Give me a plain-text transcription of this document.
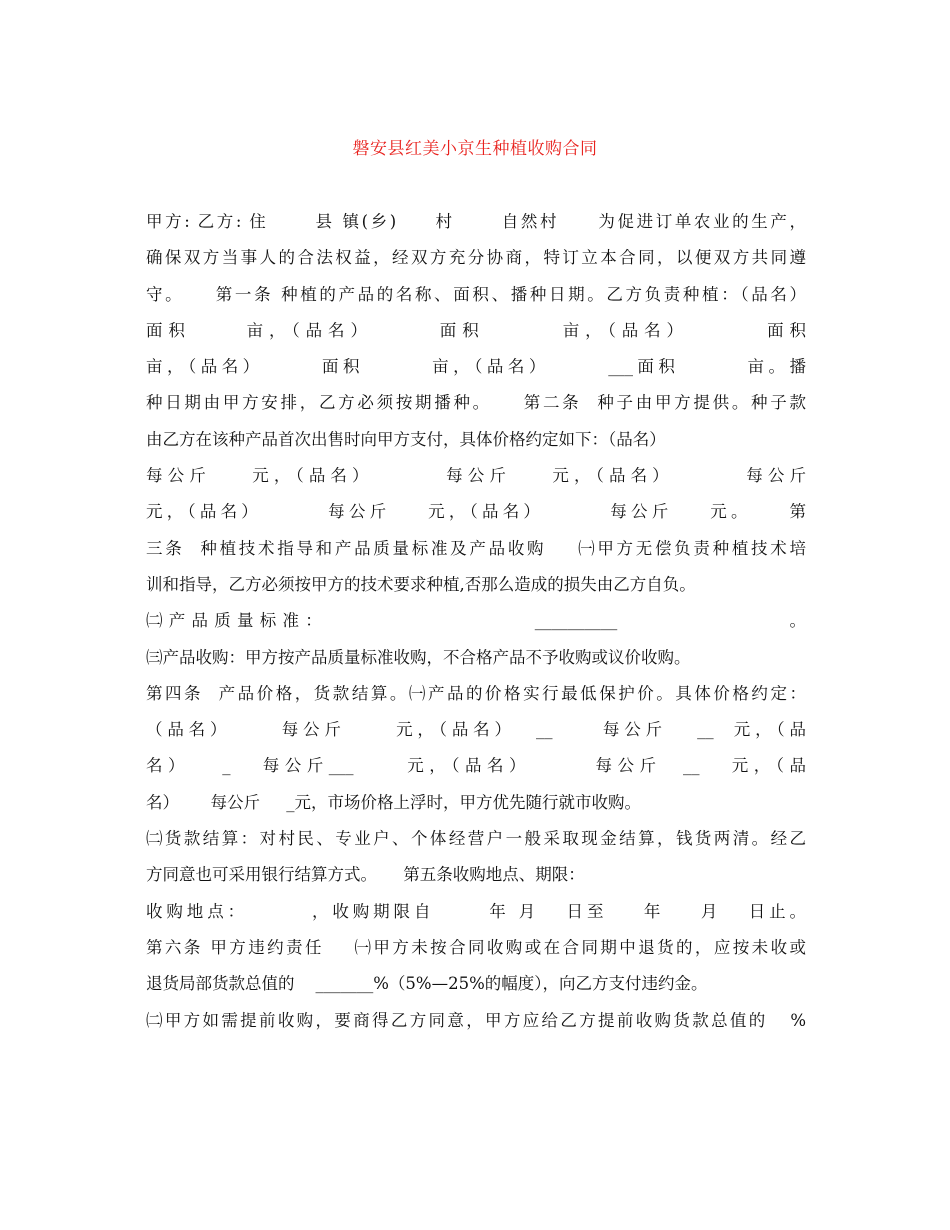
磐安县红美小京生种植收购合同
甲方: 乙方: 住      县 镇(乡)     村      自然村     为促进订单农业的生产，
确保双方当事人的合法权益，经双方充分协商，特订立本合同，以便双方共同遵
守。    第一条 种植的产品的名称、面积、播种日期。乙方负责种植：（品名）
面积     亩，（品名）      面积       亩，（品名）       面积
亩，（品名）      面积       亩，（品名）      ___面积       亩。播
种日期由甲方安排，乙方必须按期播种。    第二条  种子由甲方提供。种子款
由乙方在该种产品首次出售时向甲方支付，具体价格约定如下：（品名）
每公斤    元，（品名）       每公斤    元，（品名）       每公斤
元，（品名）       每公斤    元，（品名）       每公斤    元。    第
三条  种植技术指导和产品质量标准及产品收购    ㈠甲方无偿负责种植技术培
训和指导，乙方必须按甲方的技术要求种植,否那么造成的损失由乙方自负。
㈡产品质量标准：                  __________               。
㈢产品收购：甲方按产品质量标准收购，不合格产品不予收购或议价收购。
第四条  产品价格，货款结算。㈠产品的价格实行最低保护价。具体价格约定：
（品名）     每公斤     元，（品名）  __     每公斤   __  元，（品
名）   _   每公斤___     元，（品名）      每公斤  __   元，（品
名）      每公斤     _元，市场价格上浮时，甲方优先随行就市收购。
㈡货款结算：对村民、专业户、个体经营户一般采取现金结算，钱货两清。经乙
方同意也可采用银行结算方式。     第五条收购地点、期限：
收购地点：       ，收购期限自      年 月   日至    年    月   日止。
第六条 甲方违约责任    ㈠甲方未按合同收购或在合同期中退货的，应按未收或
退货局部货款总值的    _______%（5%—25%的幅度），向乙方支付违约金。
㈡甲方如需提前收购，要商得乙方同意，甲方应给乙方提前收购货款总值的   %
